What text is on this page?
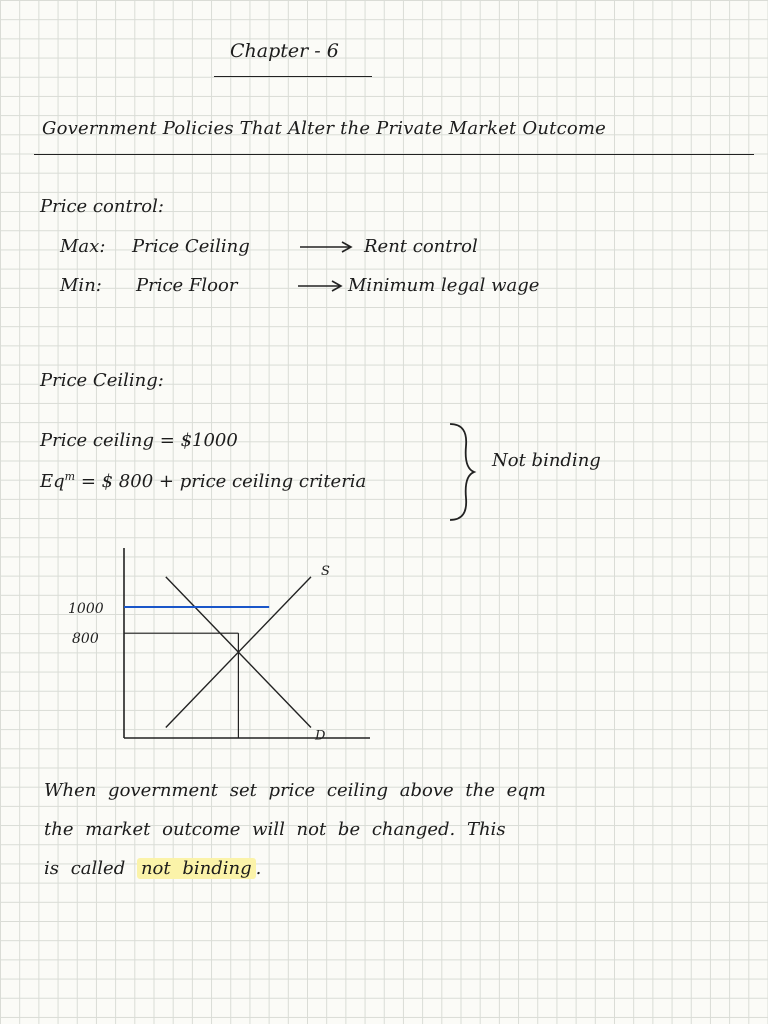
Chapter - 6
Government Policies That Alter the Private Market Outcome
Price control:
Max: Price Ceiling	Rent control
Min: Price Floor	Minimum legal wage
Price Ceiling:
Price ceiling = $1000
$Eq^m$ = $ 800 + price ceiling criteria
Not binding
1000
800
S
D
When government set price ceiling above the eqm
the market outcome will not be changed. This
is called not binding .
